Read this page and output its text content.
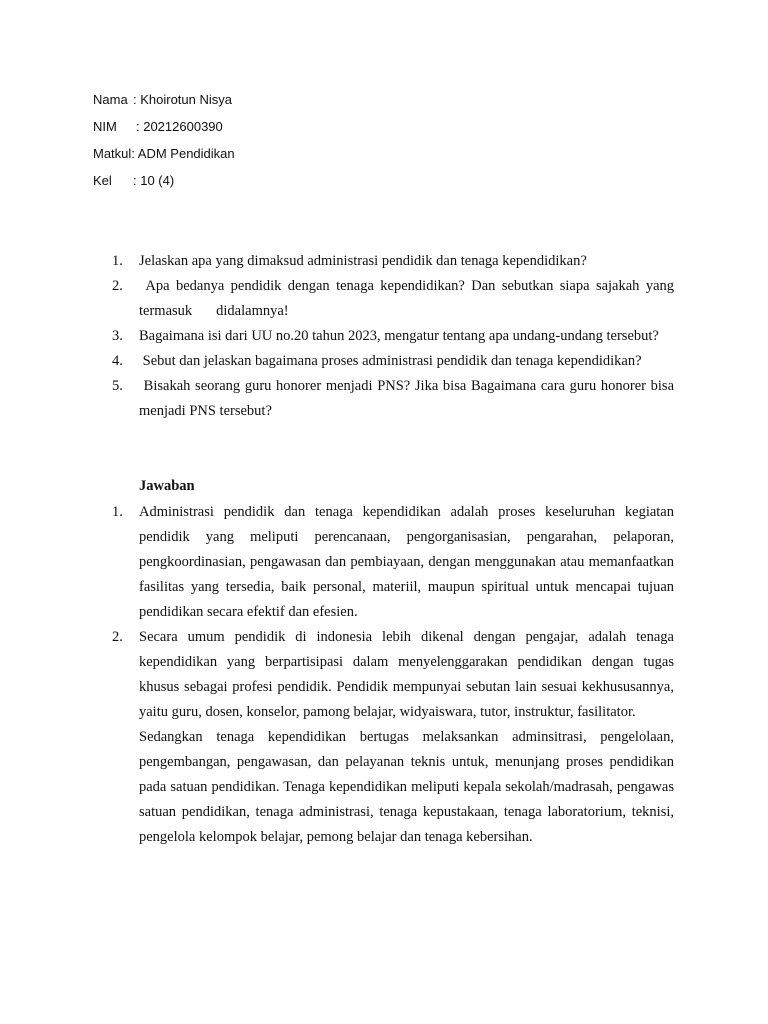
Nama : Khoirotun Nisya
NIM : 20212600390
Matkul: ADM Pendidikan
Kel : 10 (4)
1. Jelaskan apa yang dimaksud administrasi pendidik dan tenaga kependidikan?
2. Apa bedanya pendidik dengan tenaga kependidikan? Dan sebutkan siapa sajakah yang termasuk didalamnya!
3. Bagaimana isi dari UU no.20 tahun 2023, mengatur tentang apa undang-undang tersebut?
4. Sebut dan jelaskan bagaimana proses administrasi pendidik dan tenaga kependidikan?
5. Bisakah seorang guru honorer menjadi PNS? Jika bisa Bagaimana cara guru honorer bisa menjadi PNS tersebut?
Jawaban
1. Administrasi pendidik dan tenaga kependidikan adalah proses keseluruhan kegiatan pendidik yang meliputi perencanaan, pengorganisasian, pengarahan, pelaporan, pengkoordinasian, pengawasan dan pembiayaan, dengan menggunakan atau memanfaatkan fasilitas yang tersedia, baik personal, materiil, maupun spiritual untuk mencapai tujuan pendidikan secara efektif dan efesien.

2. Secara umum pendidik di indonesia lebih dikenal dengan pengajar, adalah tenaga kependidikan yang berpartisipasi dalam menyelenggarakan pendidikan dengan tugas khusus sebagai profesi pendidik. Pendidik mempunyai sebutan lain sesuai kekhususannya, yaitu guru, dosen, konselor, pamong belajar, widyaiswara, tutor, instruktur, fasilitator.

Sedangkan tenaga kependidikan bertugas melaksankan adminsitrasi, pengelolaan, pengembangan, pengawasan, dan pelayanan teknis untuk, menunjang proses pendidikan pada satuan pendidikan. Tenaga kependidikan meliputi kepala sekolah/madrasah, pengawas satuan pendidikan, tenaga administrasi, tenaga kepustakaan, tenaga laboratorium, teknisi, pengelola kelompok belajar, pemong belajar dan tenaga kebersihan.
